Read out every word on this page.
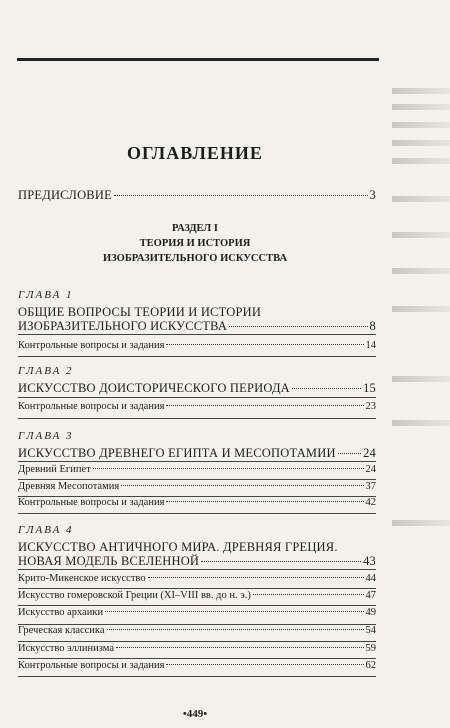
ОГЛАВЛЕНИЕ
ПРЕДИСЛОВИЕ	3
РАЗДЕЛ I
ТЕОРИЯ И ИСТОРИЯ
ИЗОБРАЗИТЕЛЬНОГО ИСКУССТВА
ГЛАВА 1
ОБЩИЕ ВОПРОСЫ ТЕОРИИ И ИСТОРИИ
ИЗОБРАЗИТЕЛЬНОГО ИСКУССТВА	8
Контрольные вопросы и задания	14
ГЛАВА 2
ИСКУССТВО ДОИСТОРИЧЕСКОГО ПЕРИОДА	15
Контрольные вопросы и задания	23
ГЛАВА 3
ИСКУССТВО ДРЕВНЕГО ЕГИПТА И МЕСОПОТАМИИ 24
Древний Египет	24
Древняя Месопотамия	37
Контрольные вопросы и задания	42
ГЛАВА 4
ИСКУССТВО АНТИЧНОГО МИРА. ДРЕВНЯЯ ГРЕЦИЯ.
НОВАЯ МОДЕЛЬ ВСЕЛЕННОЙ	43
Крито-Микенское искусство	44
Искусство гомеровской Греции (XI–VIII вв. до н. э.)	47
Искусство архаики	49
Греческая классика	54
Искусство эллинизма	59
Контрольные вопросы и задания	62
•449•
